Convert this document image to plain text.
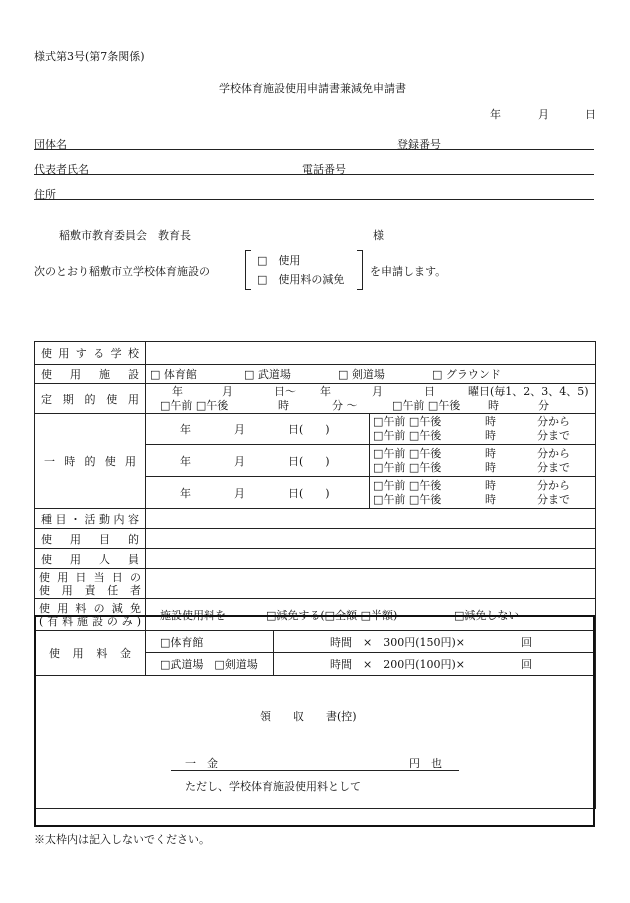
様式第3号(第7条関係)
学校体育施設使用申請書兼減免申請書
年	月	日
団体名	登録番号
代表者氏名	電話番号
住所
稲敷市教育委員会　教育長	様
次のとおり稲敷市立学校体育施設の
□　使用
□　使用料の減免
を申請します。
使用する学校			
使用施設	□ 体育館 □ 武道場 □ 剣道場 □ グラウンド		
定期的使用	年 月 日～ 年 月 日 曜日(毎1、2、3、4、5)
□午前 □午後 時 分 ～ □午前 □午後 時 分		

一時的使用	年 月 日(　　)		□午前 □午後 時 分から
□午前 □午後 時 分まで

	年 月 日(　　)		□午前 □午後 時 分から
□午前 □午後 時 分まで

	年 月 日(　　)		□午前 □午後 時 分から
□午前 □午後 時 分まで

種目・活動内容			
使用目的			
使用人員			

使用日当日の
使用責任者			

使用料の減免
(有料施設のみ)	施設使用料を □減免する(□全額 □半額) □減免しない		
使用料金	□体育館	時間　×　300円(150円)× 回	
	□武道場　□剣道場	時間　×　200円(100円)× 回	

領　　収　　書(控)
一　金 円　也
ただし、学校体育施設使用料として			
※太枠内は記入しないでください。
